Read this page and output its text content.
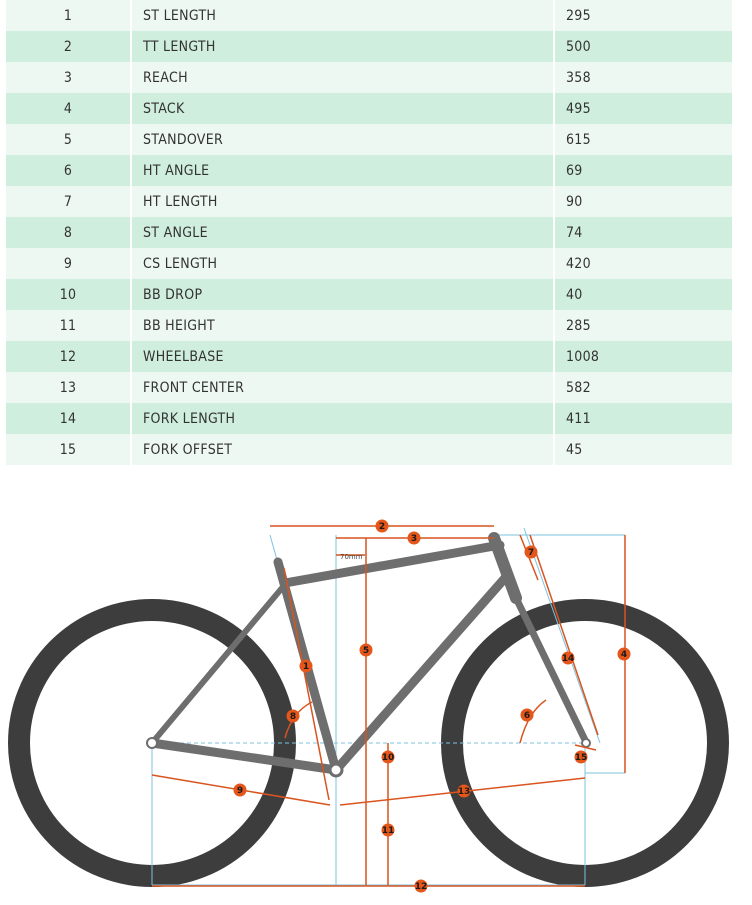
1	ST LENGTH	295
2	TT LENGTH	500
3	REACH	358
4	STACK	495
5	STANDOVER	615
6	HT ANGLE	69
7	HT LENGTH	90
8	ST ANGLE	74
9	CS LENGTH	420
10	BB DROP	40
11	BB HEIGHT	285
12	WHEELBASE	1008
13	FRONT CENTER	582
14	FORK LENGTH	411
15	FORK OFFSET	45
70mm
1
2
3
4
5
6
7
8
9
10
11
12
13
14
15
